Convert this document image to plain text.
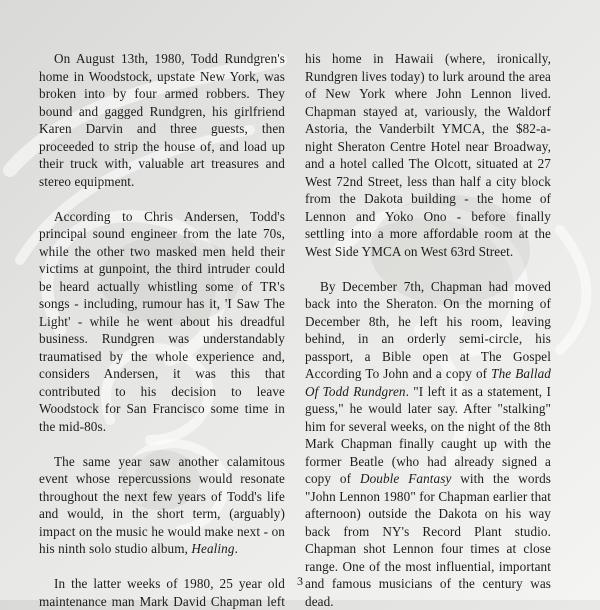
On August 13th, 1980, Todd Rundgren's home in Woodstock, upstate New York, was broken into by four armed robbers. They bound and gagged Rundgren, his girlfriend Karen Darvin and three guests, then proceeded to strip the house of, and load up their truck with, valuable art treasures and stereo equipment.

According to Chris Andersen, Todd's principal sound engineer from the late 70s, while the other two masked men held their victims at gunpoint, the third intruder could be heard actually whistling some of TR's songs - including, rumour has it, 'I Saw The Light' - while he went about his dreadful business. Rundgren was understandably traumatised by the whole experience and, considers Andersen, it was this that contributed to his decision to leave Woodstock for San Francisco some time in the mid-80s.

The same year saw another calamitous event whose repercussions would resonate throughout the next few years of Todd's life and would, in the short term, (arguably) impact on the music he would make next - on his ninth solo studio album, Healing.

In the latter weeks of 1980, 25 year old maintenance man Mark David Chapman left

his home in Hawaii (where, ironically, Rundgren lives today) to lurk around the area of New York where John Lennon lived. Chapman stayed at, variously, the Waldorf Astoria, the Vanderbilt YMCA, the $82-a-night Sheraton Centre Hotel near Broadway, and a hotel called The Olcott, situated at 27 West 72nd Street, less than half a city block from the Dakota building - the home of Lennon and Yoko Ono - before finally settling into a more affordable room at the West Side YMCA on West 63rd Street.

By December 7th, Chapman had moved back into the Sheraton. On the morning of December 8th, he left his room, leaving behind, in an orderly semi-circle, his passport, a Bible open at The Gospel According To John and a copy of The Ballad Of Todd Rundgren. "I left it as a statement, I guess," he would later say. After "stalking" him for several weeks, on the night of the 8th Mark Chapman finally caught up with the former Beatle (who had already signed a copy of Double Fantasy with the words "John Lennon 1980" for Chapman earlier that afternoon) outside the Dakota on his way back from NY's Record Plant studio. Chapman shot Lennon four times at close range. One of the most influential, important and famous musicians of the century was dead.

3
